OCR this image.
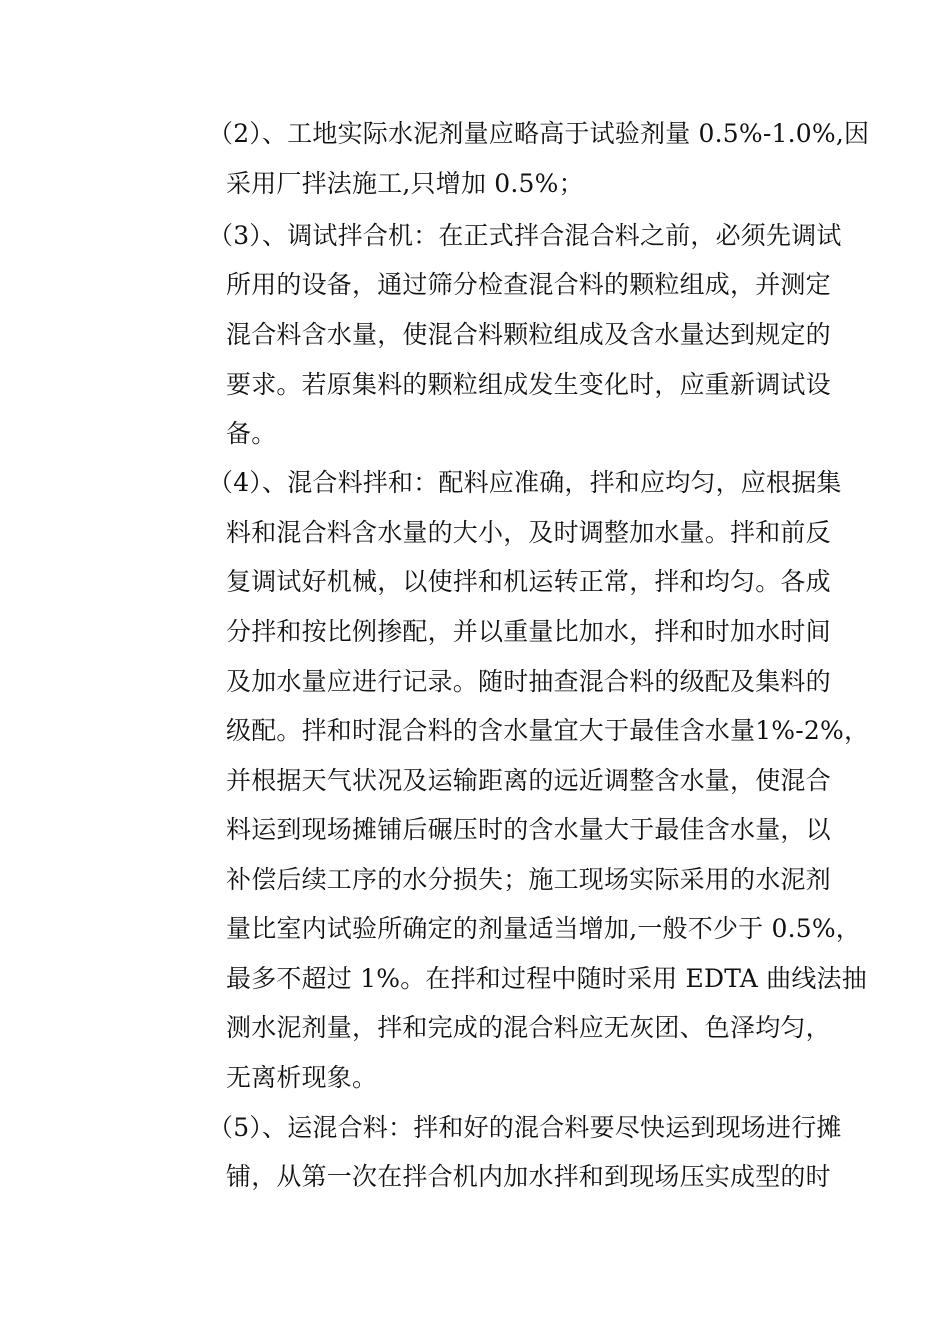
（2）、工地实际水泥剂量应略高于试验剂量 0.5%-1.0%,因
采用厂拌法施工,只增加 0.5%；
（3）、调试拌合机：在正式拌合混合料之前，必须先调试
所用的设备，通过筛分检查混合料的颗粒组成，并测定
混合料含水量，使混合料颗粒组成及含水量达到规定的
要求。若原集料的颗粒组成发生变化时，应重新调试设
备。
（4）、混合料拌和：配料应准确，拌和应均匀，应根据集
料和混合料含水量的大小，及时调整加水量。拌和前反
复调试好机械，以使拌和机运转正常，拌和均匀。各成
分拌和按比例掺配，并以重量比加水，拌和时加水时间
及加水量应进行记录。随时抽查混合料的级配及集料的
级配。拌和时混合料的含水量宜大于最佳含水量1%-2%，
并根据天气状况及运输距离的远近调整含水量，使混合
料运到现场摊铺后碾压时的含水量大于最佳含水量，以
补偿后续工序的水分损失；施工现场实际采用的水泥剂
量比室内试验所确定的剂量适当增加,一般不少于 0.5%，
最多不超过 1%。在拌和过程中随时采用 EDTA 曲线法抽
测水泥剂量，拌和完成的混合料应无灰团、色泽均匀，
无离析现象。
（5）、运混合料：拌和好的混合料要尽快运到现场进行摊
铺，从第一次在拌合机内加水拌和到现场压实成型的时
